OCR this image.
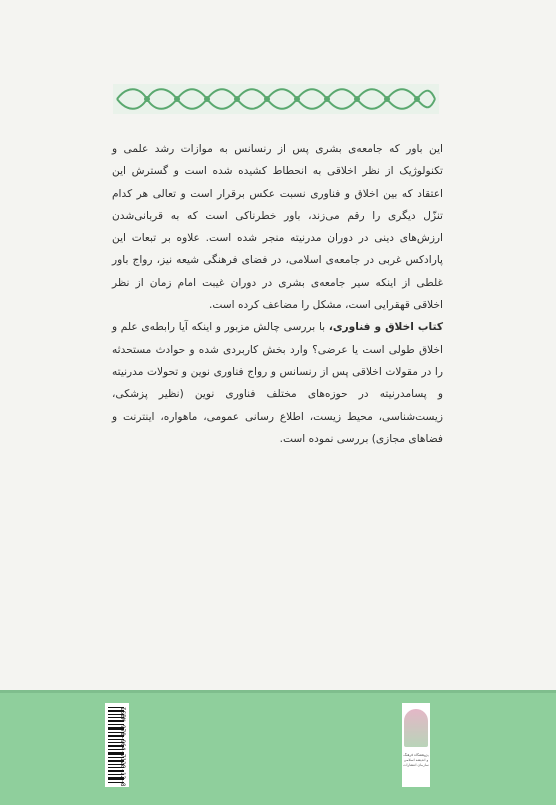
این باور که جامعه‌ی بشری پس از رنسانس به موازات رشد علمی و تکنولوژیک از نظر اخلاقی به انحطاط کشیده شده است و گسترش این اعتقاد که بین اخلاق و فناوری نسبت عکس برقرار است و تعالی هر کدام تنزّل دیگری را رقم می‌زند، باور خطرناکی است که به قربانی‌شدن ارزش‌های دینی در دوران مدرنیته منجر شده است. علاوه بر تبعات این پارادکس غربی در جامعه‌ی اسلامی، در فضای فرهنگی شیعه نیز، رواج باور غلطی از اینکه سیر جامعه‌ی بشری در دوران غیبت امام زمان از نظر اخلاقی قهقرایی است، مشکل را مضاعف کرده است.

کتاب اخلاق و فناوری، با بررسی چالش مزبور و اینکه آیا رابطه‌ی علم و اخلاق طولی است یا عرضی؟ وارد بخش کاربردی شده و حوادث مستحدثه را در مقولات اخلاقی پس از رنسانس و رواج فناوری نوین و تحولات مدرنیته و پسامدرنیته در حوزه‌های مختلف فناوری نوین (نظیر پزشکی، زیست‌شناسی، محیط زیست، اطلاع رسانی عمومی، ماهواره، اینترنت و فضاهای مجازی) بررسی نموده است.

پژوهشگاه فرهنگ و اندیشه اسلامی
سازمان انتشارات
ISBN 978-964-7128-12-8
